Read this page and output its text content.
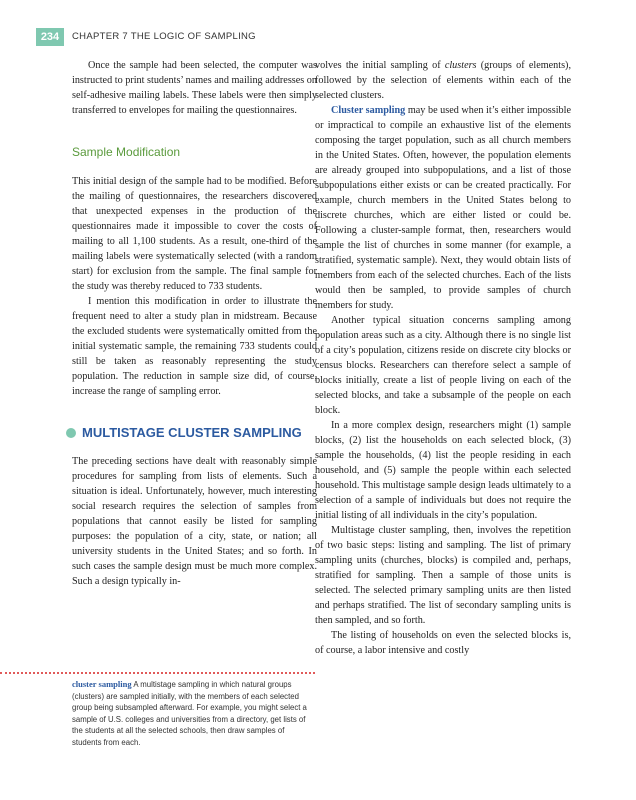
234	CHAPTER 7 THE LOGIC OF SAMPLING

Once the sample had been selected, the computer was instructed to print students’ names and mailing addresses on self-adhesive mailing labels. These labels were then simply transferred to envelopes for mailing the questionnaires.

Sample Modification

This initial design of the sample had to be modified. Before the mailing of questionnaires, the researchers discovered that unexpected expenses in the production of the questionnaires made it impossible to cover the costs of mailing to all 1,100 students. As a result, one-third of the mailing labels were systematically selected (with a random start) for exclusion from the sample. The final sample for the study was thereby reduced to 733 students.

I mention this modification in order to illustrate the frequent need to alter a study plan in midstream. Because the excluded students were systematically omitted from the initial systematic sample, the remaining 733 students could still be taken as reasonably representing the study population. The reduction in sample size did, of course, increase the range of sampling error.

MULTISTAGE CLUSTER SAMPLING

The preceding sections have dealt with reasonably simple procedures for sampling from lists of elements. Such a situation is ideal. Unfortunately, however, much interesting social research requires the selection of samples from populations that cannot easily be listed for sampling purposes: the population of a city, state, or nation; all university students in the United States; and so forth. In such cases the sample design must be much more complex. Such a design typically in-

volves the initial sampling of clusters (groups of elements), followed by the selection of elements within each of the selected clusters.

Cluster sampling may be used when it’s either impossible or impractical to compile an exhaustive list of the elements composing the target population, such as all church members in the United States. Often, however, the population elements are already grouped into subpopulations, and a list of those subpopulations either exists or can be created practically. For example, church members in the United States belong to discrete churches, which are either listed or could be. Following a cluster-sample format, then, researchers would sample the list of churches in some manner (for example, a stratified, systematic sample). Next, they would obtain lists of members from each of the selected churches. Each of the lists would then be sampled, to provide samples of church members for study.

Another typical situation concerns sampling among population areas such as a city. Although there is no single list of a city’s population, citizens reside on discrete city blocks or census blocks. Researchers can therefore select a sample of blocks initially, create a list of people living on each of the selected blocks, and take a subsample of the people on each block.

In a more complex design, researchers might (1) sample blocks, (2) list the households on each selected block, (3) sample the households, (4) list the people residing in each household, and (5) sample the people within each selected household. This multistage sample design leads ultimately to a selection of a sample of individuals but does not require the initial listing of all individuals in the city’s population.

Multistage cluster sampling, then, involves the repetition of two basic steps: listing and sampling. The list of primary sampling units (churches, blocks) is compiled and, perhaps, stratified for sampling. Then a sample of those units is selected. The selected primary sampling units are then listed and perhaps stratified. The list of secondary sampling units is then sampled, and so forth.

The listing of households on even the selected blocks is, of course, a labor intensive and costly

cluster sampling A multistage sampling in which natural groups (clusters) are sampled initially, with the members of each selected group being subsampled afterward. For example, you might select a sample of U.S. colleges and universities from a directory, get lists of the students at all the selected schools, then draw samples of students from each.
